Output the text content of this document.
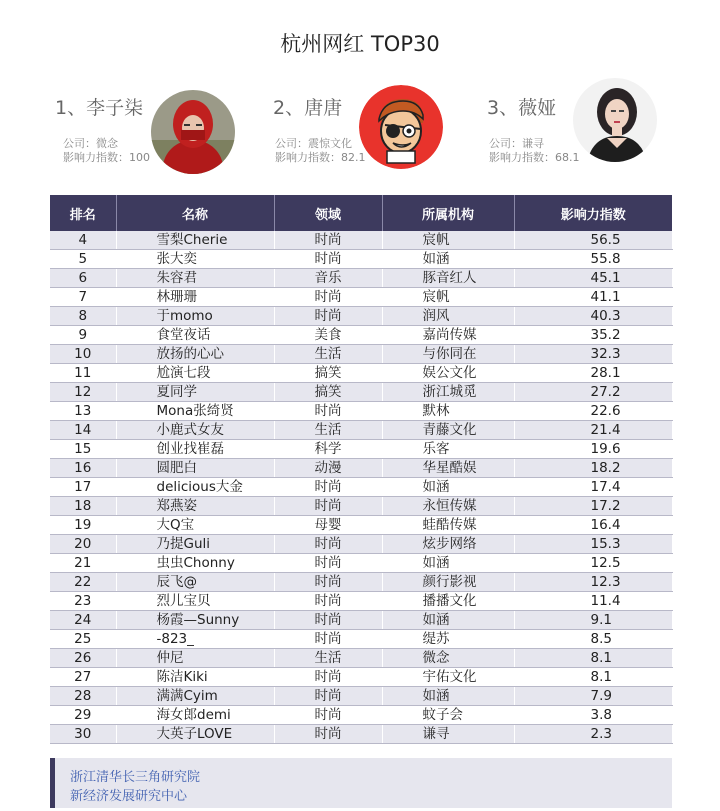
杭州网红 TOP30
1、李子柒
公司：微念
影响力指数：100
2、唐唐
公司：震惊文化
影响力指数：82.1
3、薇娅
公司：谦寻
影响力指数：68.1
排名	名称	领域	所属机构	影响力指数
4	雪梨Cherie	时尚	宸帆	56.5
5	张大奕	时尚	如涵	55.8
6	朱容君	音乐	豚音红人	45.1
7	林珊珊	时尚	宸帆	41.1
8	于momo	时尚	润风	40.3
9	食堂夜话	美食	嘉尚传媒	35.2
10	放扬的心心	生活	与你同在	32.3
11	尬演七段	搞笑	娱公文化	28.1
12	夏同学	搞笑	浙江城觅	27.2
13	Mona张绮贤	时尚	默林	22.6
14	小鹿式女友	生活	青藤文化	21.4
15	创业找崔磊	科学	乐客	19.6
16	圆肥白	动漫	华星酷娱	18.2
17	delicious大金	时尚	如涵	17.4
18	郑燕姿	时尚	永恒传媒	17.2
19	大Q宝	母婴	蛙酷传媒	16.4
20	乃提Guli	时尚	炫步网络	15.3
21	虫虫Chonny	时尚	如涵	12.5
22	辰飞@	时尚	颜行影视	12.3
23	烈儿宝贝	时尚	播播文化	11.4
24	杨霞—Sunny	时尚	如涵	9.1
25	-823_	时尚	缇苏	8.5
26	仲尼	生活	微念	8.1
27	陈洁Kiki	时尚	宇佑文化	8.1
28	满满Cyim	时尚	如涵	7.9
29	海女郎demi	时尚	蚊子会	3.8
30	大英子LOVE	时尚	谦寻	2.3
浙江清华长三角研究院
新经济发展研究中心
